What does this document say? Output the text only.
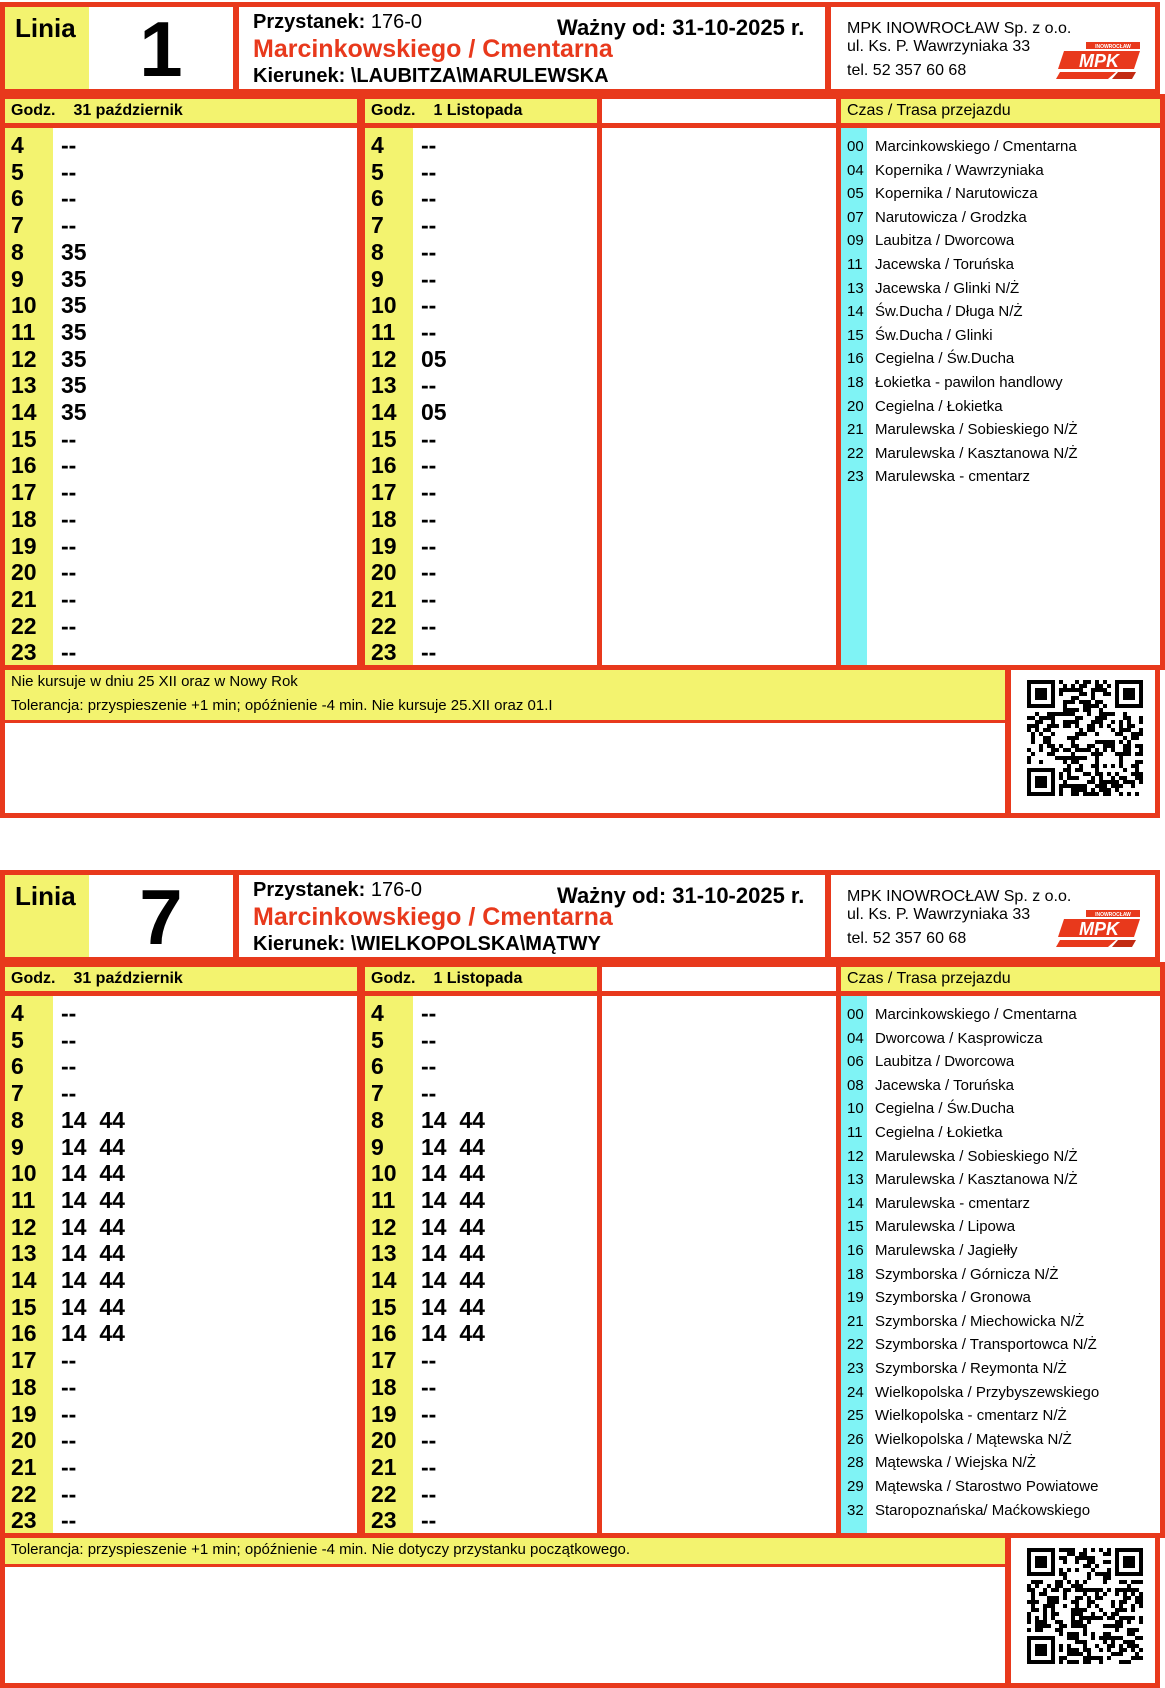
Linia 1	Przystanek: 176-0	Ważny od: 31-10-2025 r.
Marcinkowskiego / Cmentarna
Kierunek: \LAUBITZA\MARULEWSKA
MPK INOWROCŁAW Sp. z o.o.
ul. Ks. P. Wawrzyniaka 33
tel. 52 357 60 68
INOWROCŁAW
MPK
Godz. 31 październik	Godz. 1 Listopada	Czas / Trasa przejazdu
4 --
5 --
6 --
7 --
8 35
9 35
10 35
11 35
12 35
13 35
14 35
15 --
16 --
17 --
18 --
19 --
20 --
21 --
22 --
23 --
4 --
5 --
6 --
7 --
8 --
9 --
10 --
11 --
12 05
13 --
14 05
15 --
16 --
17 --
18 --
19 --
20 --
21 --
22 --
23 --
00 Marcinkowskiego / Cmentarna
04 Kopernika / Wawrzyniaka
05 Kopernika / Narutowicza
07 Narutowicza / Grodzka
09 Laubitza / Dworcowa
11 Jacewska / Toruńska
13 Jacewska / Glinki N/Ż
14 Św.Ducha / Długa N/Ż
15 Św.Ducha / Glinki
16 Cegielna / Św.Ducha
18 Łokietka - pawilon handlowy
20 Cegielna / Łokietka
21 Marulewska / Sobieskiego N/Ż
22 Marulewska / Kasztanowa N/Ż
23 Marulewska - cmentarz
Nie kursuje w dniu 25 XII oraz w Nowy Rok
Tolerancja: przyspieszenie +1 min; opóźnienie -4 min. Nie kursuje 25.XII oraz 01.I
Linia 7	Przystanek: 176-0	Ważny od: 31-10-2025 r.
Marcinkowskiego / Cmentarna
Kierunek: \WIELKOPOLSKA\MĄTWY
MPK INOWROCŁAW Sp. z o.o.
ul. Ks. P. Wawrzyniaka 33
tel. 52 357 60 68
INOWROCŁAW
MPK
Godz. 31 październik	Godz. 1 Listopada	Czas / Trasa przejazdu
4 --
5 --
6 --
7 --
8 14  44
9 14  44
10 14  44
11 14  44
12 14  44
13 14  44
14 14  44
15 14  44
16 14  44
17 --
18 --
19 --
20 --
21 --
22 --
23 --
4 --
5 --
6 --
7 --
8 14  44
9 14  44
10 14  44
11 14  44
12 14  44
13 14  44
14 14  44
15 14  44
16 14  44
17 --
18 --
19 --
20 --
21 --
22 --
23 --
00 Marcinkowskiego / Cmentarna
04 Dworcowa / Kasprowicza
06 Laubitza / Dworcowa
08 Jacewska / Toruńska
10 Cegielna / Św.Ducha
11 Cegielna / Łokietka
12 Marulewska / Sobieskiego N/Ż
13 Marulewska / Kasztanowa N/Ż
14 Marulewska - cmentarz
15 Marulewska / Lipowa
16 Marulewska / Jagiełły
18 Szymborska / Górnicza N/Ż
19 Szymborska / Gronowa
21 Szymborska / Miechowicka N/Ż
22 Szymborska / Transportowca N/Ż
23 Szymborska / Reymonta N/Ż
24 Wielkopolska / Przybyszewskiego
25 Wielkopolska - cmentarz N/Ż
26 Wielkopolska / Mątewska N/Ż
28 Mątewska / Wiejska N/Ż
29 Mątewska / Starostwo Powiatowe
32 Staropoznańska/ Maćkowskiego
Tolerancja: przyspieszenie +1 min; opóźnienie -4 min. Nie dotyczy przystanku początkowego.
